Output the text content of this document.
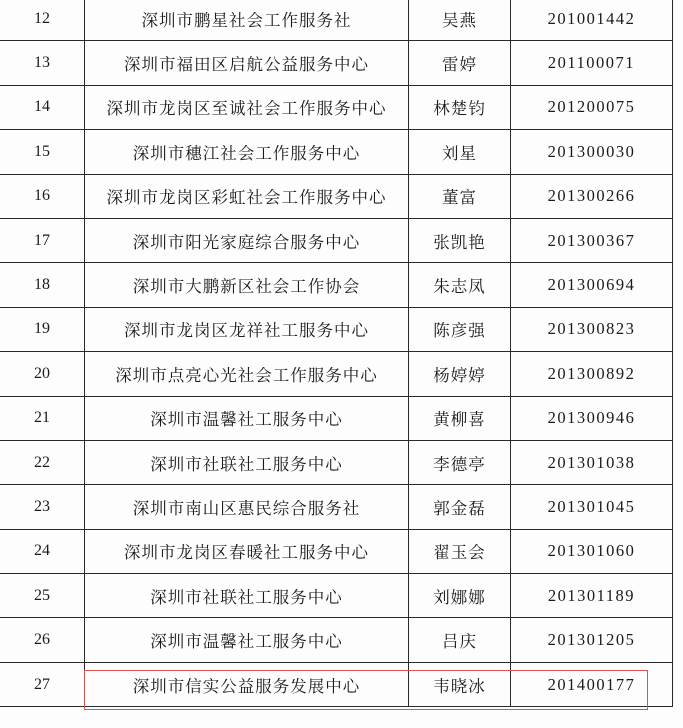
12	深圳市鹏星社会工作服务社	吴燕	201001442
13	深圳市福田区启航公益服务中心	雷婷	201100071
14	深圳市龙岗区至诚社会工作服务中心	林楚钧	201200075
15	深圳市穗江社会工作服务中心	刘星	201300030
16	深圳市龙岗区彩虹社会工作服务中心	董富	201300266
17	深圳市阳光家庭综合服务中心	张凯艳	201300367
18	深圳市大鹏新区社会工作协会	朱志凤	201300694
19	深圳市龙岗区龙祥社工服务中心	陈彦强	201300823
20	深圳市点亮心光社会工作服务中心	杨婷婷	201300892
21	深圳市温馨社工服务中心	黄柳喜	201300946
22	深圳市社联社工服务中心	李德亭	201301038
23	深圳市南山区惠民综合服务社	郭金磊	201301045
24	深圳市龙岗区春暖社工服务中心	翟玉会	201301060
25	深圳市社联社工服务中心	刘娜娜	201301189
26	深圳市温馨社工服务中心	吕庆	201301205
27	深圳市信实公益服务发展中心	韦晓冰	201400177
